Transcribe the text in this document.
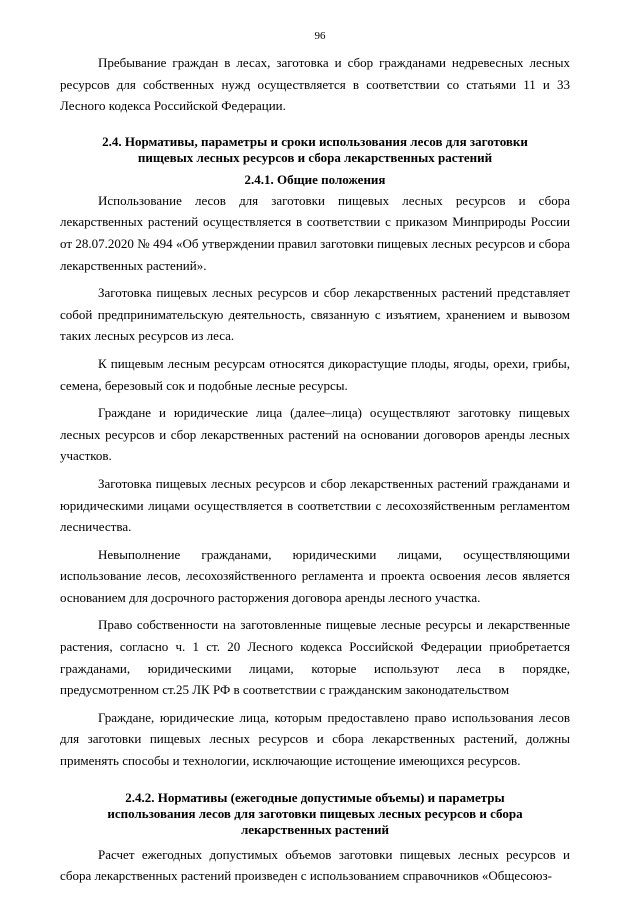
96

Пребывание граждан в лесах, заготовка и сбор гражданами недревесных лесных ресурсов для собственных нужд осуществляется в соответствии со статьями 11 и 33 Лесного кодекса Российской Федерации.

2.4. Нормативы, параметры и сроки использования лесов для заготовки
пищевых лесных ресурсов и сбора лекарственных растений
2.4.1. Общие положения

Использование лесов для заготовки пищевых лесных ресурсов и сбора лекарственных растений осуществляется в соответствии с приказом Минприроды России от 28.07.2020 № 494 «Об утверждении правил заготовки пищевых лесных ресурсов и сбора лекарственных растений».

Заготовка пищевых лесных ресурсов и сбор лекарственных растений представляет собой предпринимательскую деятельность, связанную с изъятием, хранением и вывозом таких лесных ресурсов из леса.

К пищевым лесным ресурсам относятся дикорастущие плоды, ягоды, орехи, грибы, семена, березовый сок и подобные лесные ресурсы.

Граждане и юридические лица (далее–лица) осуществляют заготовку пищевых лесных ресурсов и сбор лекарственных растений на основании договоров аренды лесных участков.

Заготовка пищевых лесных ресурсов и сбор лекарственных растений гражданами и юридическими лицами осуществляется в соответствии с лесохозяйственным регламентом лесничества.

Невыполнение гражданами, юридическими лицами, осуществляющими использование лесов, лесохозяйственного регламента и проекта освоения лесов является основанием для досрочного расторжения договора аренды лесного участка.

Право собственности на заготовленные пищевые лесные ресурсы и лекарственные растения, согласно ч. 1 ст. 20 Лесного кодекса Российской Федерации приобретается гражданами, юридическими лицами, которые используют леса в порядке, предусмотренном ст.25 ЛК РФ в соответствии с гражданским законодательством

Граждане, юридические лица, которым предоставлено право использования лесов для заготовки пищевых лесных ресурсов и сбора лекарственных растений, должны применять способы и технологии, исключающие истощение имеющихся ресурсов.

2.4.2. Нормативы (ежегодные допустимые объемы) и параметры
использования лесов для заготовки пищевых лесных ресурсов и сбора
лекарственных растений

Расчет ежегодных допустимых объемов заготовки пищевых лесных ресурсов и сбора лекарственных растений произведен с использованием справочников «Общесоюз-
